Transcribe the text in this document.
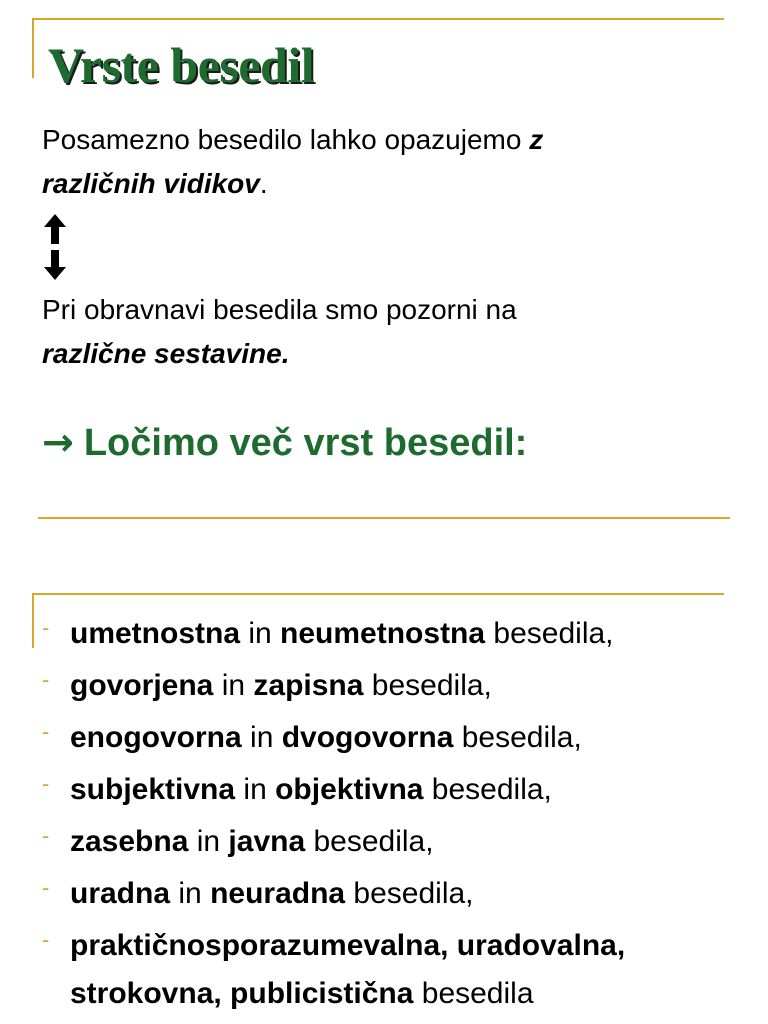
Vrste besedil
Posamezno besedilo lahko opazujemo z
različnih vidikov.
Pri obravnavi besedila smo pozorni na
različne sestavine.
→ Ločimo več vrst besedil:
- umetnostna in neumetnostna besedila,
- govorjena in zapisna besedila,
- enogovorna in dvogovorna besedila,
- subjektivna in objektivna besedila,
- zasebna in javna besedila,
- uradna in neuradna besedila,
- praktičnosporazumevalna, uradovalna, strokovna, publicistična besedila
